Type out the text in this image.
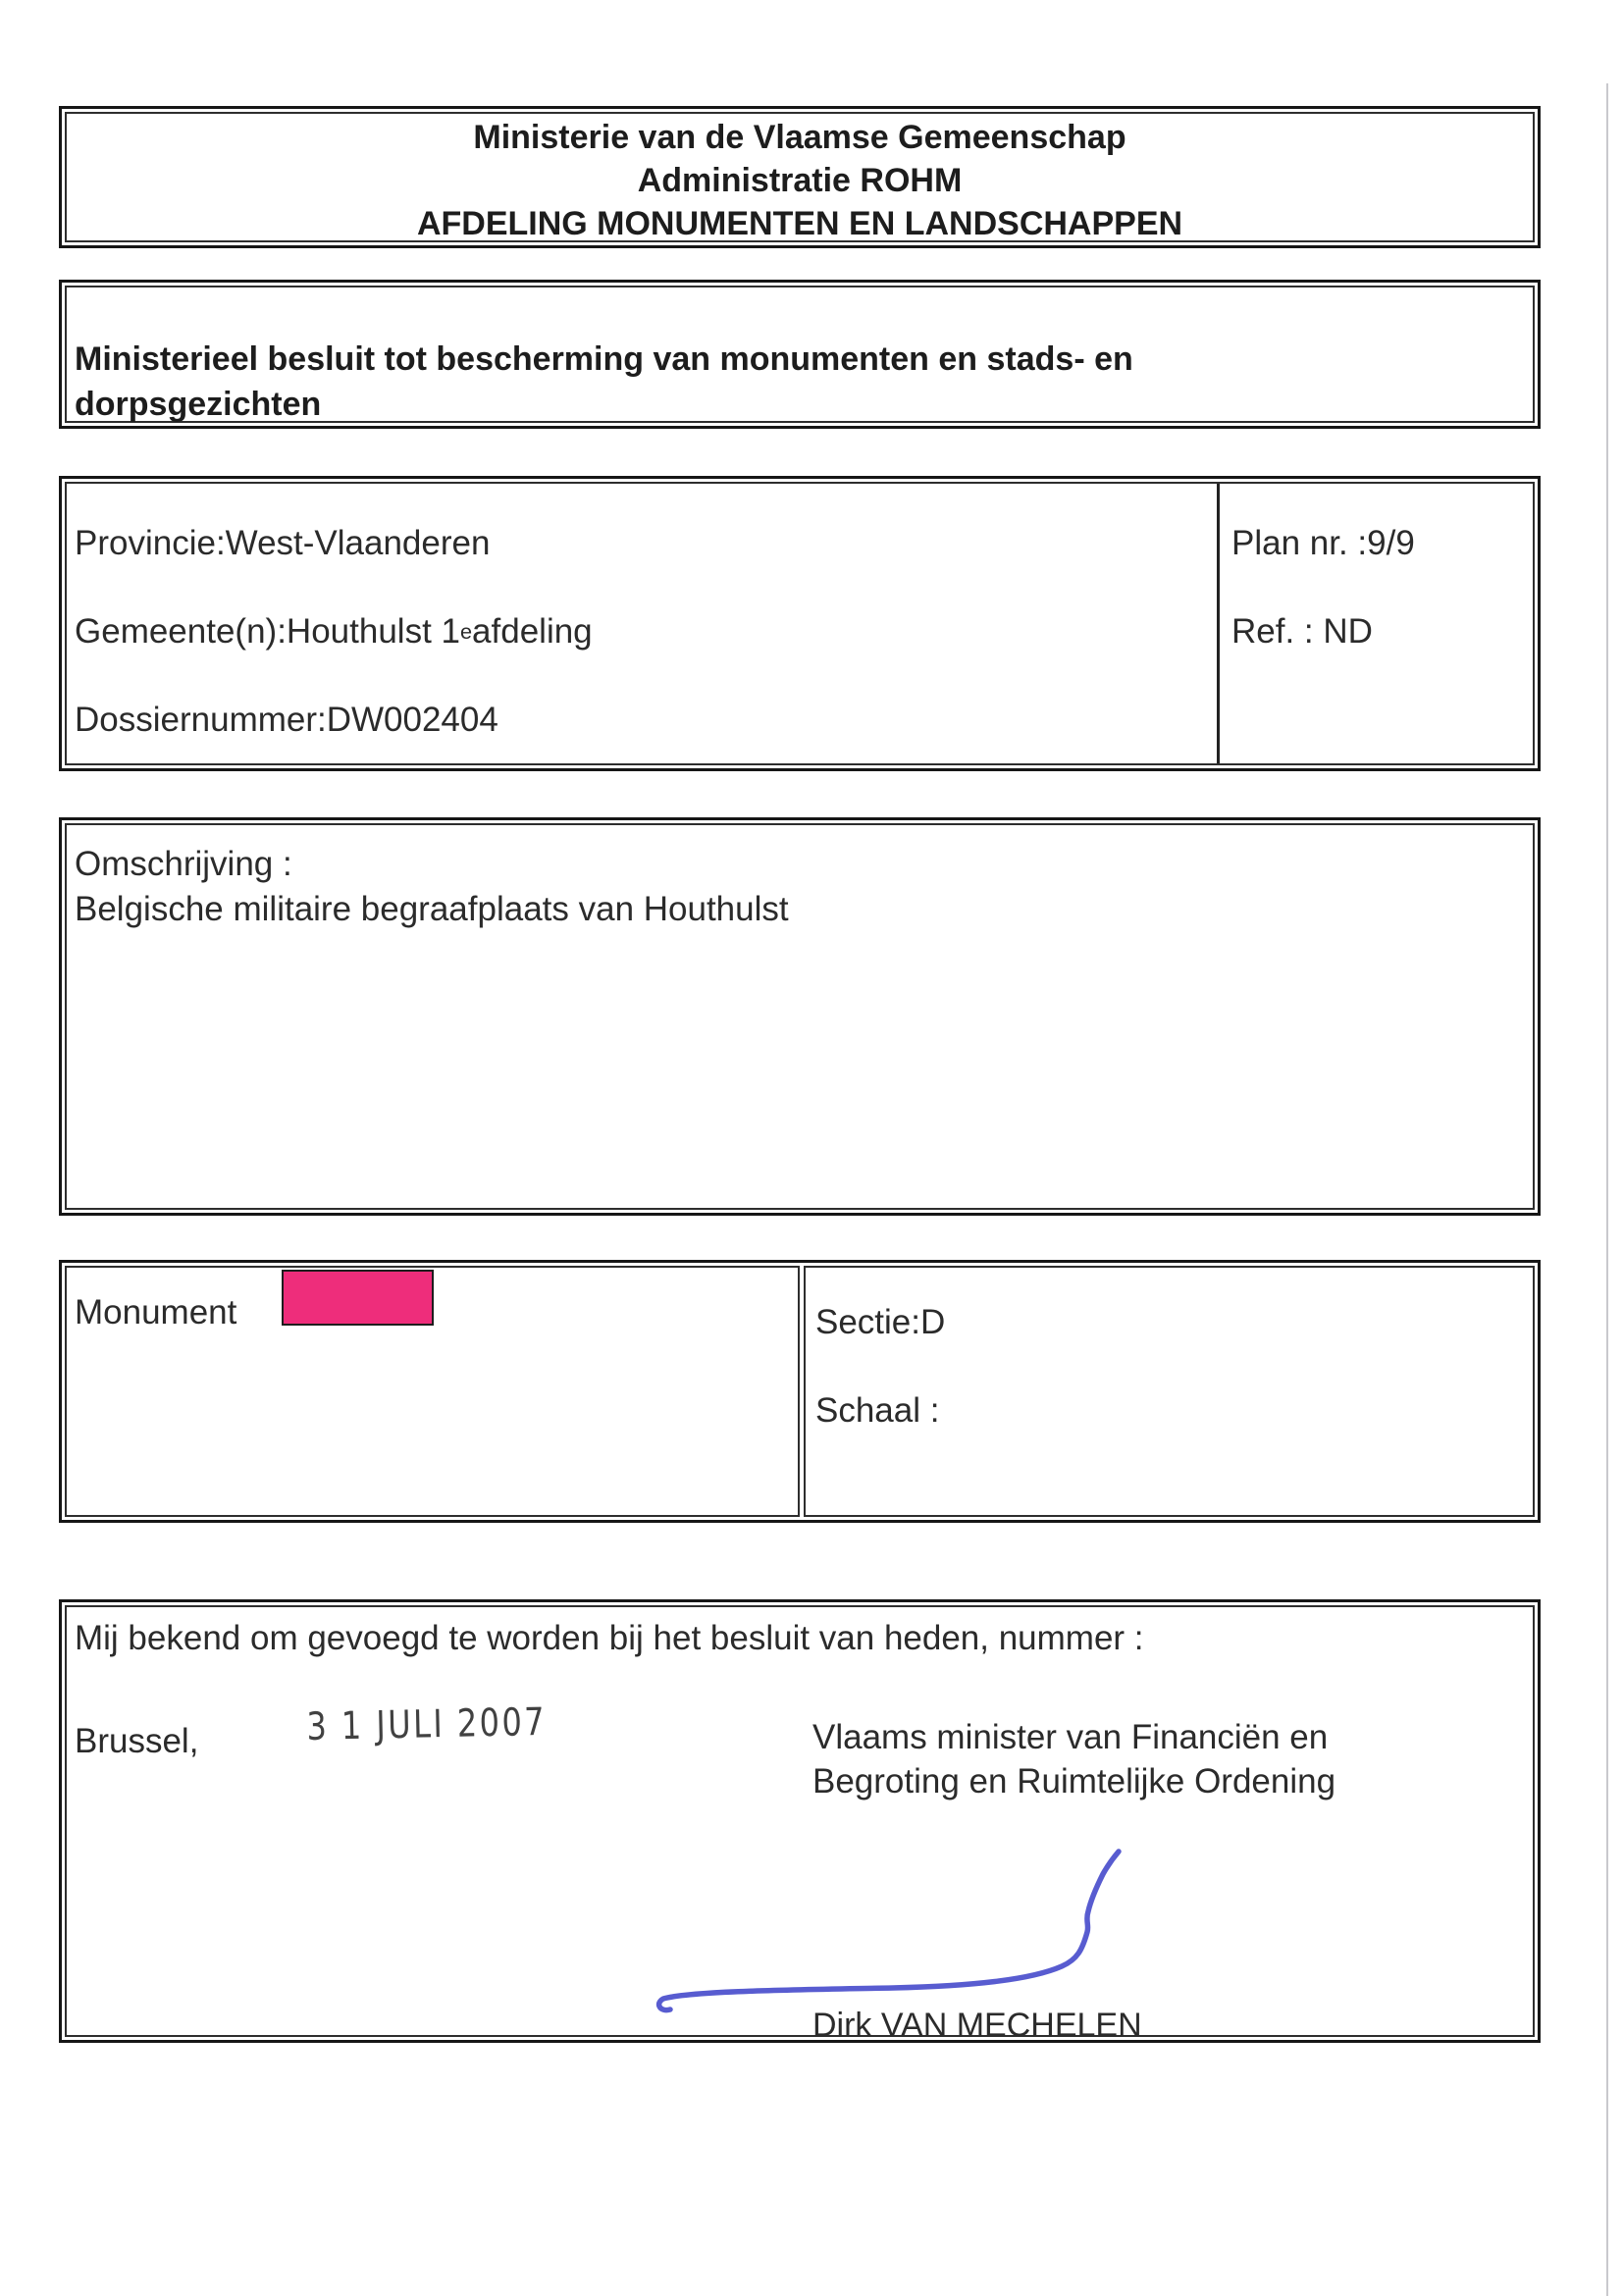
Ministerie van de Vlaamse Gemeenschap
Administratie ROHM
AFDELING MONUMENTEN EN LANDSCHAPPEN
Ministerieel besluit tot bescherming van monumenten en stads- en dorpsgezichten
Provincie:West-Vlaanderen
Gemeente(n):Houthulst 1 e afdeling
Dossiernummer:DW002404
Plan nr. :9/9
Ref. : ND
Omschrijving :
Belgische militaire begraafplaats van Houthulst
Monument	Sectie:D
Schaal :
Mij bekend om gevoegd te worden bij het besluit van heden, nummer :
Brussel,	3 1 JULI 2007	Vlaams minister van Financiën en
Begroting en Ruimtelijke Ordening
Dirk VAN MECHELEN
